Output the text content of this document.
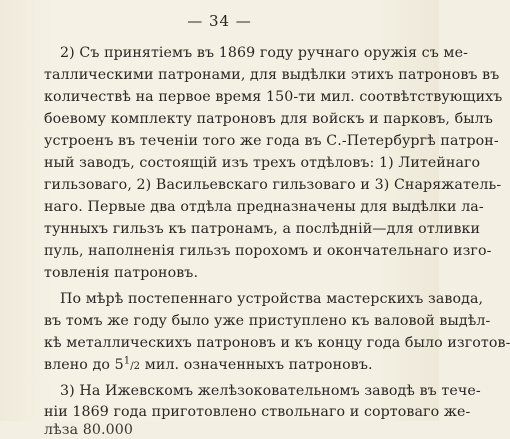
— 34 —
2) Съ принятіемъ въ 1869 году ручнаго оружія съ ме-
таллическими патронами, для выдѣлки этихъ патроновъ въ
количествѣ на первое время 150-ти мил. соотвѣтствующихъ
боевому комплекту патроновъ для войскъ и парковъ, былъ
устроенъ въ теченіи того же года въ С.-Петербургѣ патрон-
ный заводъ, состоящій изъ трехъ отдѣловъ: 1) Литейнаго
гильзоваго, 2) Васильевскаго гильзоваго и 3) Снаряжатель-
наго. Первые два отдѣла предназначены для выдѣлки ла-
тунныхъ гильзъ къ патронамъ, а послѣдній—для отливки
пуль, наполненія гильзъ порохомъ и окончательнаго изго-
товленія патроновъ.
По мѣрѣ постепеннаго устройства мастерскихъ завода,
въ томъ же году было уже приступлено къ валовой выдѣл-
кѣ металлическихъ патроновъ и къ концу года было изготов-
влено до $5^1/2$ мил. означенныхъ патроновъ.
3) На Ижевскомъ желѣзоковательномъ заводѣ въ тече-
ніи 1869 года приготовлено ствольнаго и сортоваго же-
лѣза 80.000
